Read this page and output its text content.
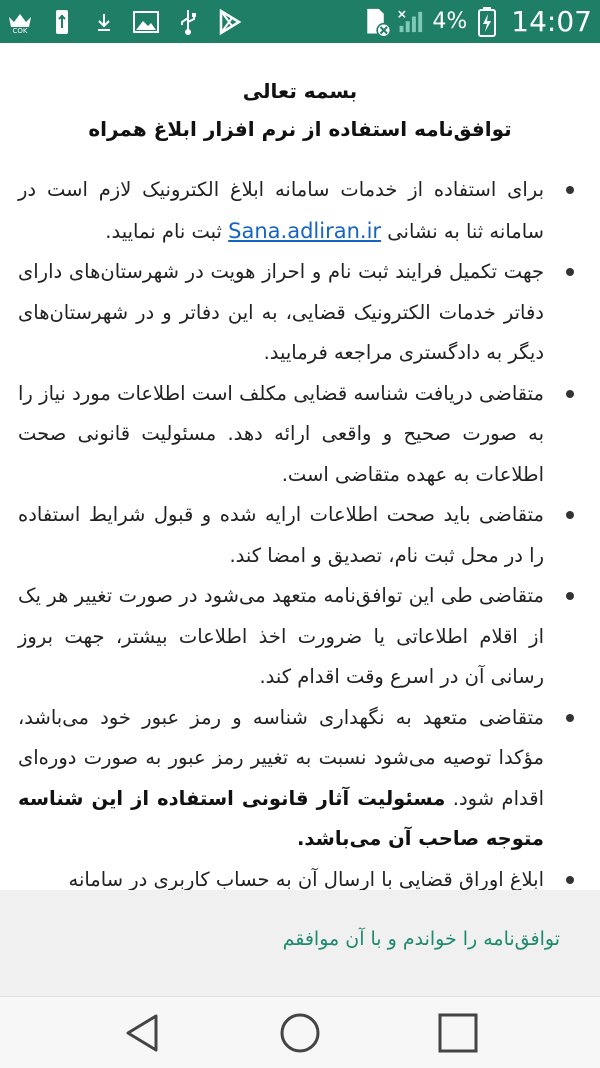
COK	4% 14:07
بسمه تعالی
توافق‌نامه استفاده از نرم افزار ابلاغ همراه
برای استفاده از خدمات سامانه ابلاغ الکترونیک لازم است در سامانه ثنا به نشانی Sana.adliran.ir ثبت نام نمایید.
جهت تکمیل فرایند ثبت نام و احراز هویت در شهرستان‌های دارای دفاتر خدمات الکترونیک قضایی، به این دفاتر و در شهرستان‌های دیگر به دادگستری مراجعه فرمایید.
متقاضی دریافت شناسه قضایی مکلف است اطلاعات مورد نیاز را به صورت صحیح و واقعی ارائه دهد. مسئولیت قانونی صحت اطلاعات به عهده متقاضی است.
متقاضی باید صحت اطلاعات ارایه شده و قبول شرایط استفاده را در محل ثبت نام، تصدیق و امضا کند.
متقاضی طی این توافق‌نامه متعهد می‌شود در صورت تغییر هر یک از اقلام اطلاعاتی یا ضرورت اخذ اطلاعات بیشتر، جهت بروز رسانی آن در اسرع وقت اقدام کند.
متقاضی متعهد به نگهداری شناسه و رمز عبور خود می‌باشد، مؤکدا توصیه می‌شود نسبت به تغییر رمز عبور به صورت دوره‌ای اقدام شود. مسئولیت آثار قانونی استفاده از این شناسه متوجه صاحب آن می‌باشد.
ابلاغ اوراق قضایی با ارسال آن به حساب کاربری در سامانه
توافق‌نامه را خواندم و با آن موافقم
